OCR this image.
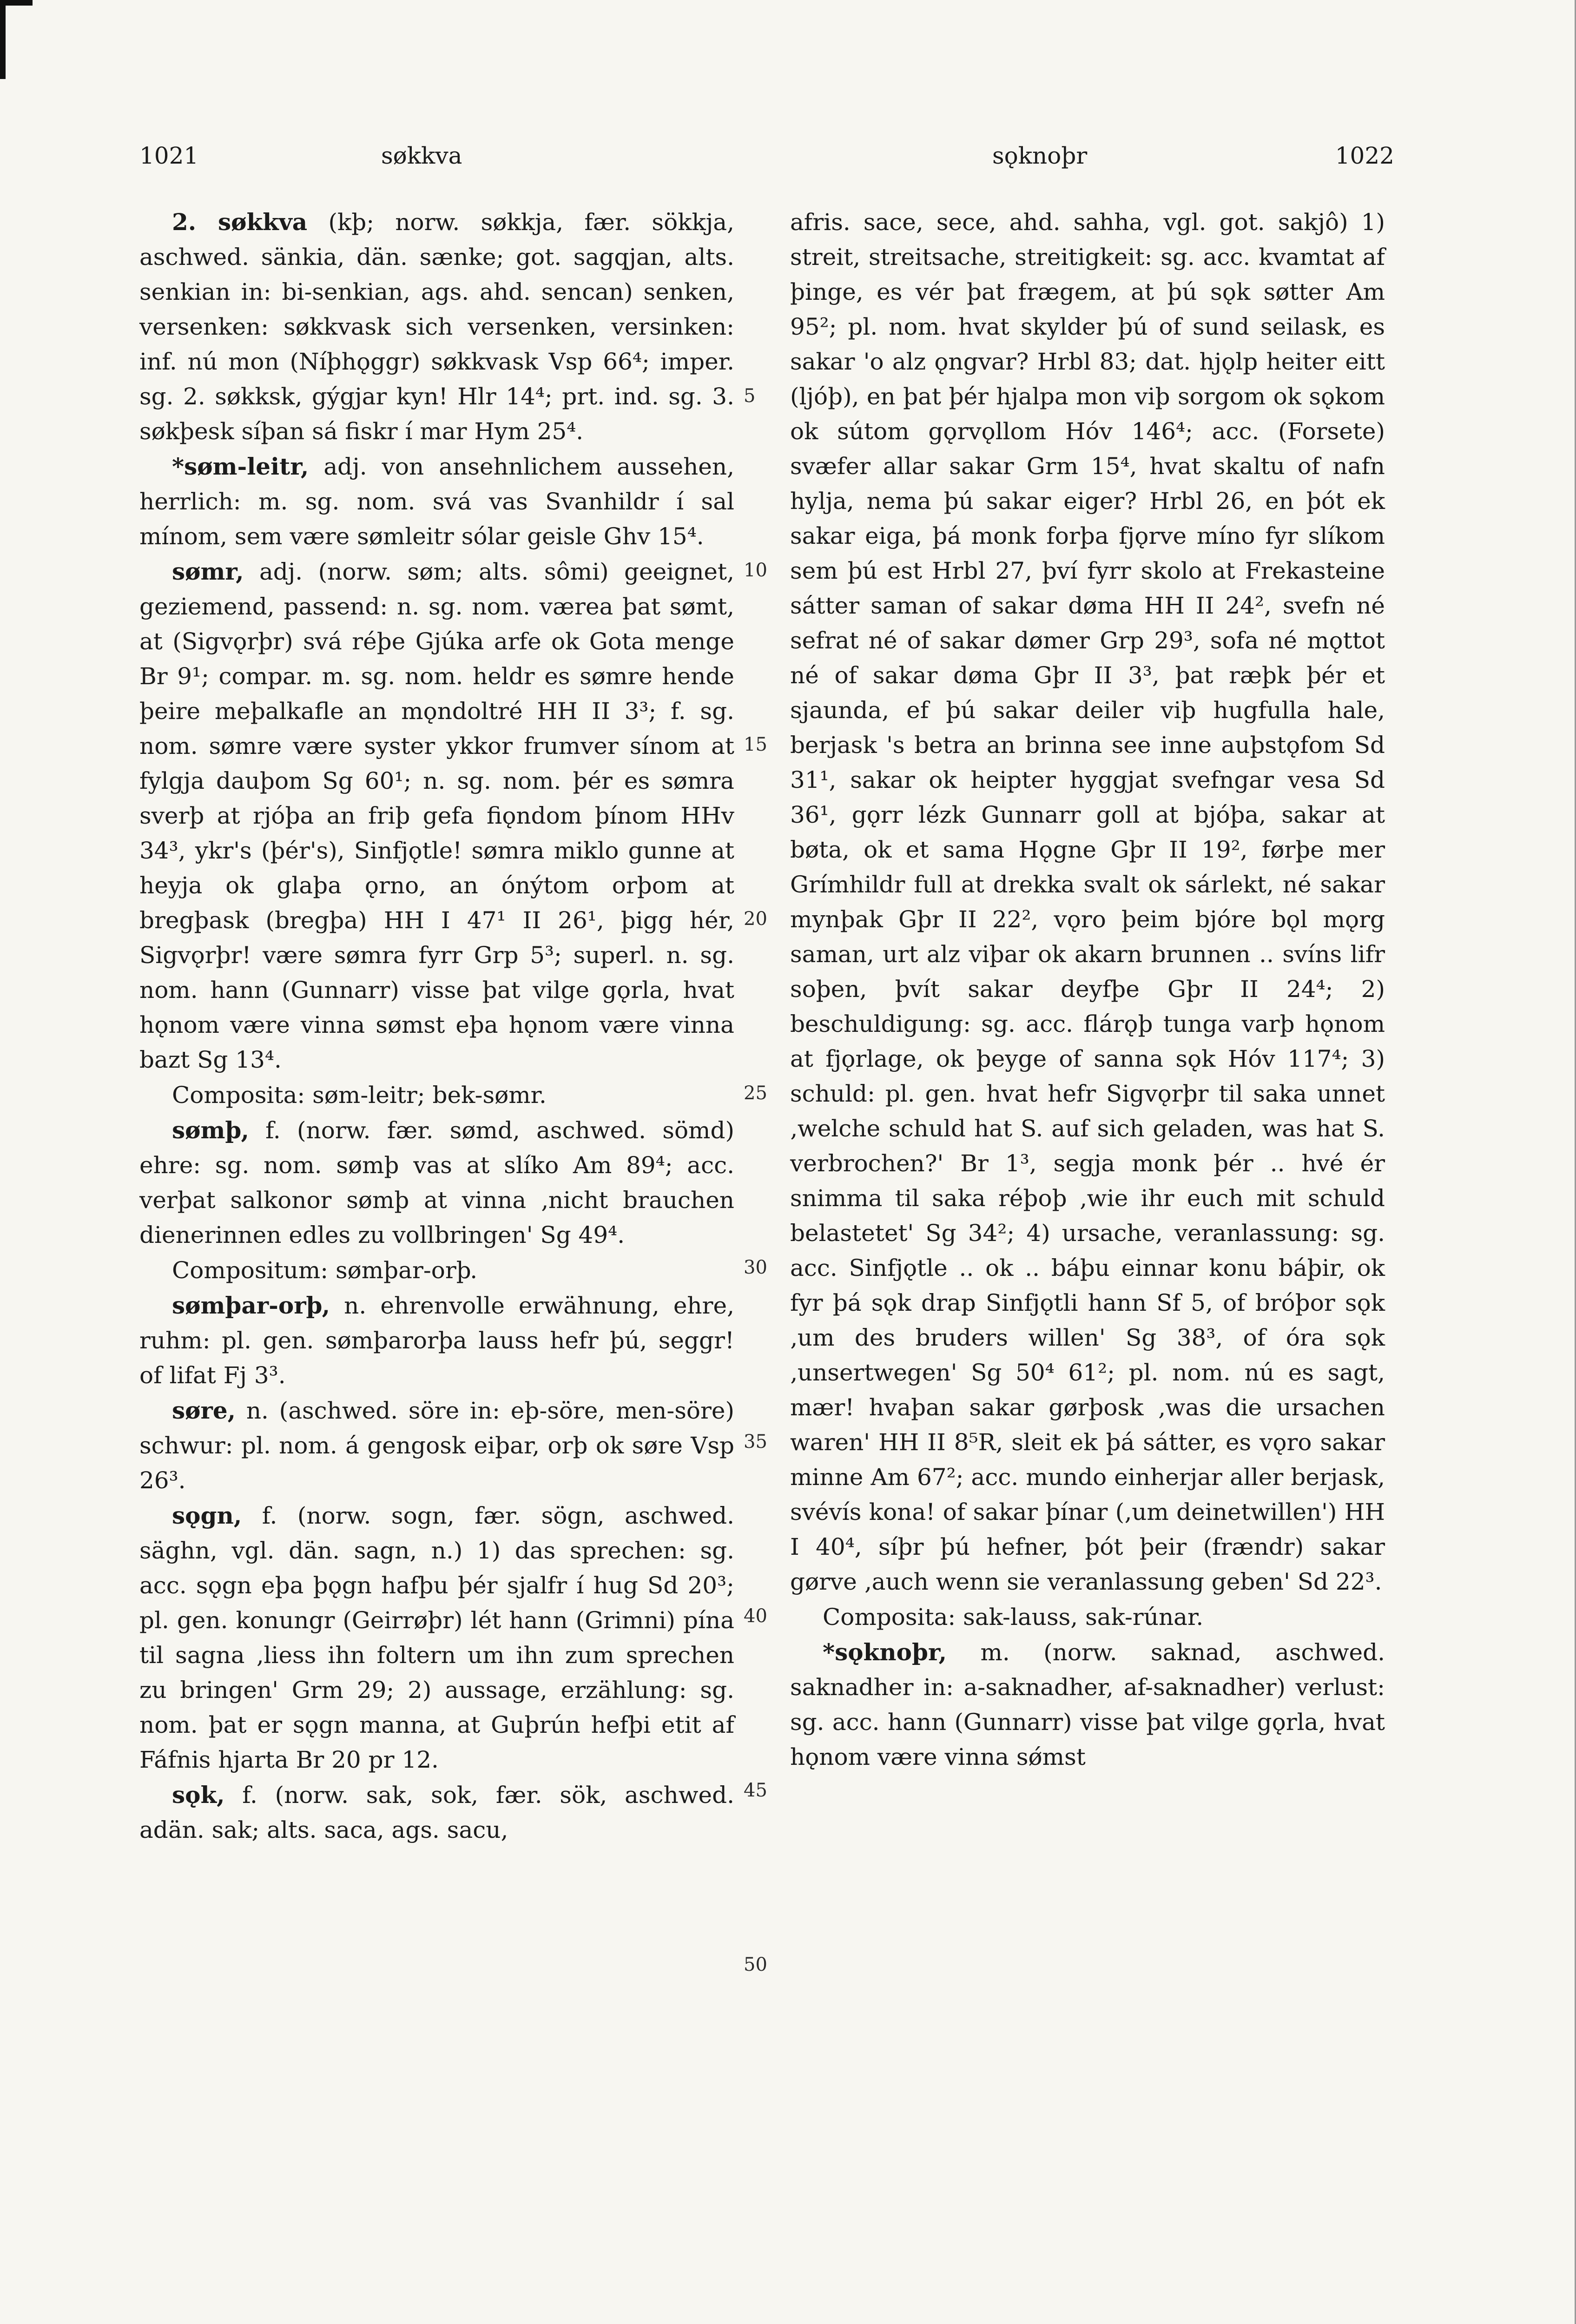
1021	søkkva	sǫknoþr	1022

2. søkkva (kþ; norw. søkkja, fær. sökkja, aschwed. sänkia, dän. sænke; got. sagqjan, alts. senkian in: bi-senkian, ags. ahd. sencan) senken, versenken: søkkvask sich versenken, versinken: inf. nú mon (Níþhǫggr) søkkvask Vsp 66⁴; imper. sg. 2. søkksk, gýgjar kyn! Hlr 14⁴; prt. ind. sg. 3. søkþesk síþan sá fiskr í mar Hym 25⁴.

*søm-leitr, adj. von ansehnlichem aussehen, herrlich: m. sg. nom. svá vas Svanhildr í sal mínom, sem være sømleitr sólar geisle Ghv 15⁴.

sømr, adj. (norw. søm; alts. sômi) geeignet, geziemend, passend: n. sg. nom. værea þat sømt, at (Sigvǫrþr) svá réþe Gjúka arfe ok Gota menge Br 9¹; compar. m. sg. nom. heldr es sømre hende þeire meþalkafle an mǫndoltré HH II 3³; f. sg. nom. sømre være syster ykkor frumver sínom at fylgja dauþom Sg 60¹; n. sg. nom. þér es sømra sverþ at rjóþa an friþ gefa fiǫndom þínom HHv 34³, ykr's (þér's), Sinfjǫtle! sømra miklo gunne at heyja ok glaþa ǫrno, an ónýtom orþom at bregþask (bregþa) HH I 47¹ II 26¹, þigg hér, Sigvǫrþr! være sømra fyrr Grp 5³; superl. n. sg. nom. hann (Gunnarr) visse þat vilge gǫrla, hvat hǫnom være vinna sømst eþa hǫnom være vinna bazt Sg 13⁴.

Composita: søm-leitr; bek-sømr.

sømþ, f. (norw. fær. sømd, aschwed. sömd) ehre: sg. nom. sømþ vas at slíko Am 89⁴; acc. verþat salkonor sømþ at vinna ‚nicht brauchen dienerinnen edles zu vollbringen' Sg 49⁴.

Compositum: sømþar-orþ.

sømþar-orþ, n. ehrenvolle erwähnung, ehre, ruhm: pl. gen. sømþarorþa lauss hefr þú, seggr! of lifat Fj 3³.

søre, n. (aschwed. söre in: eþ-söre, men-söre) schwur: pl. nom. á gengosk eiþar, orþ ok søre Vsp 26³.

sǫgn, f. (norw. sogn, fær. sögn, aschwed. säghn, vgl. dän. sagn, n.) 1) das sprechen: sg. acc. sǫgn eþa þǫgn hafþu þér sjalfr í hug Sd 20³; pl. gen. konungr (Geirrøþr) lét hann (Grimni) pína til sagna ‚liess ihn foltern um ihn zum sprechen zu bringen' Grm 29; 2) aussage, erzählung: sg. nom. þat er sǫgn manna, at Guþrún hefþi etit af Fáfnis hjarta Br 20 pr 12.

sǫk, f. (norw. sak, sok, fær. sök, aschwed. adän. sak; alts. saca, ags. sacu,

5
10
15
20
25
30
35
40
45
50

afris. sace, sece, ahd. sahha, vgl. got. sakjô) 1) streit, streitsache, streitigkeit: sg. acc. kvamtat af þinge, es vér þat frægem, at þú sǫk søtter Am 95²; pl. nom. hvat skylder þú of sund seilask, es sakar 'o alz ǫngvar? Hrbl 83; dat. hjǫlp heiter eitt (ljóþ), en þat þér hjalpa mon viþ sorgom ok sǫkom ok sútom gǫrvǫllom Hóv 146⁴; acc. (Forsete) svæfer allar sakar Grm 15⁴, hvat skaltu of nafn hylja, nema þú sakar eiger? Hrbl 26, en þót ek sakar eiga, þá monk forþa fjǫrve míno fyr slíkom sem þú est Hrbl 27, því fyrr skolo at Frekasteine sátter saman of sakar døma HH II 24², svefn né sefrat né of sakar dømer Grp 29³, sofa né mǫttot né of sakar døma Gþr II 3³, þat ræþk þér et sjaunda, ef þú sakar deiler viþ hugfulla hale, berjask 's betra an brinna see inne auþstǫfom Sd 31¹, sakar ok heipter hyggjat svefngar vesa Sd 36¹, gǫrr lézk Gunnarr goll at bjóþa, sakar at bøta, ok et sama Hǫgne Gþr II 19², førþe mer Grímhildr full at drekka svalt ok sárlekt, né sakar mynþak Gþr II 22², vǫro þeim bjóre bǫl mǫrg saman, urt alz viþar ok akarn brunnen .. svíns lifr soþen, þvít sakar deyfþe Gþr II 24⁴; 2) beschuldigung: sg. acc. flárǫþ tunga varþ hǫnom at fjǫrlage, ok þeyge of sanna sǫk Hóv 117⁴; 3) schuld: pl. gen. hvat hefr Sigvǫrþr til saka unnet ‚welche schuld hat S. auf sich geladen, was hat S. verbrochen?' Br 1³, segja monk þér .. hvé ér snimma til saka réþoþ ‚wie ihr euch mit schuld belastetet' Sg 34²; 4) ursache, veranlassung: sg. acc. Sinfjǫtle .. ok .. báþu einnar konu báþir, ok fyr þá sǫk drap Sinfjǫtli hann Sf 5, of bróþor sǫk ‚um des bruders willen' Sg 38³, of óra sǫk ‚unsertwegen' Sg 50⁴ 61²; pl. nom. nú es sagt, mær! hvaþan sakar gørþosk ‚was die ursachen waren' HH II 8⁵R, sleit ek þá sátter, es vǫro sakar minne Am 67²; acc. mundo einherjar aller berjask, svévís kona! of sakar þínar (‚um deinetwillen') HH I 40⁴, síþr þú hefner, þót þeir (frændr) sakar gørve ‚auch wenn sie veranlassung geben' Sd 22³.

Composita: sak-lauss, sak-rúnar.

*sǫknoþr, m. (norw. saknad, aschwed. saknadher in: a-saknadher, af-saknadher) verlust: sg. acc. hann (Gunnarr) visse þat vilge gǫrla, hvat hǫnom være vinna sǿmst
